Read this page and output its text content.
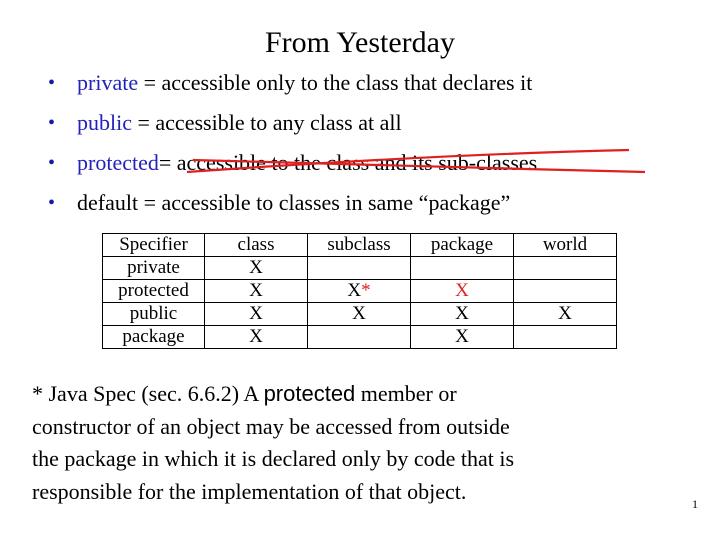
From Yesterday
• private = accessible only to the class that declares it
• public = accessible to any class at all
• protected= accessible to the class and its sub-classes
• default = accessible to classes in same “package”
Specifier	class	subclass	package	world
private	X			
protected	X	X*	X	
public	X	X	X	X
package	X		X	
* Java Spec (sec. 6.6.2) A protected member or
constructor of an object may be accessed from outside
the package in which it is declared only by code that is
responsible for the implementation of that object.
1
